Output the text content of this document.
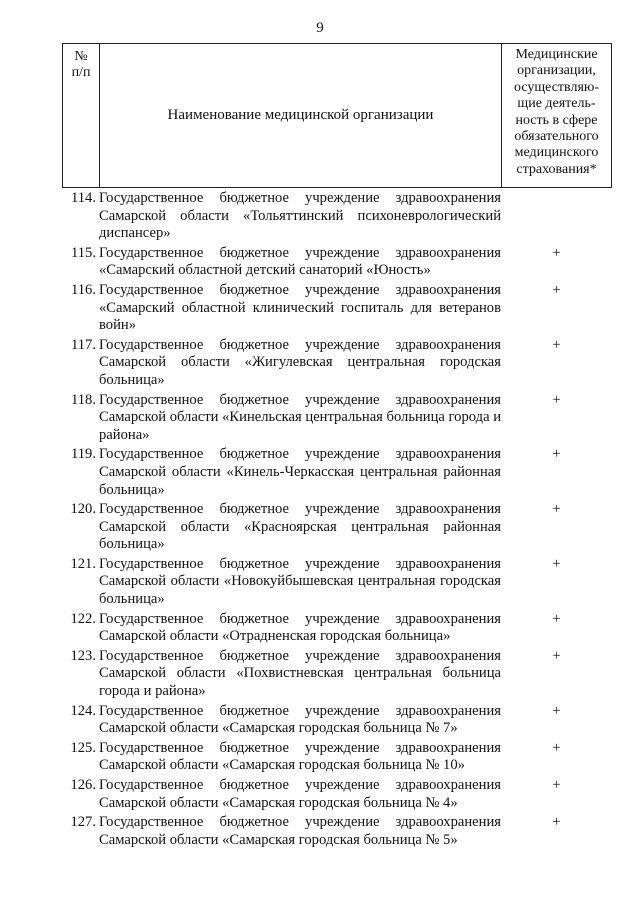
9
№
п/п
Наименование медицинской организации
Медицинские организации, осуществляю-щие деятель-ность в сфере обязательного медицинского страхования*
114. Государственное бюджетное учреждение здравоохранения Самарской области «Тольяттинский психоневрологический диспансер»
115. Государственное бюджетное учреждение здравоохранения «Самарский областной детский санаторий «Юность»
+
116. Государственное бюджетное учреждение здравоохранения «Самарский областной клинический госпиталь для ветеранов войн»
+
117. Государственное бюджетное учреждение здравоохранения Самарской области «Жигулевская центральная городская больница»
+
118. Государственное бюджетное учреждение здравоохранения Самарской области «Кинельская центральная больница города и района»
+
119. Государственное бюджетное учреждение здравоохранения Самарской области «Кинель-Черкасская центральная районная больница»
+
120. Государственное бюджетное учреждение здравоохранения Самарской области «Красноярская центральная районная больница»
+
121. Государственное бюджетное учреждение здравоохранения Самарской области «Новокуйбышевская центральная городская больница»
+
122. Государственное бюджетное учреждение здравоохранения Самарской области «Отрадненская городская больница»
+
123. Государственное бюджетное учреждение здравоохранения Самарской области «Похвистневская центральная больница города и района»
+
124. Государственное бюджетное учреждение здравоохранения Самарской области «Самарская городская больница № 7»
+
125. Государственное бюджетное учреждение здравоохранения Самарской области «Самарская городская больница № 10»
+
126. Государственное бюджетное учреждение здравоохранения Самарской области «Самарская городская больница № 4»
+
127. Государственное бюджетное учреждение здравоохранения Самарской области «Самарская городская больница № 5»
+
